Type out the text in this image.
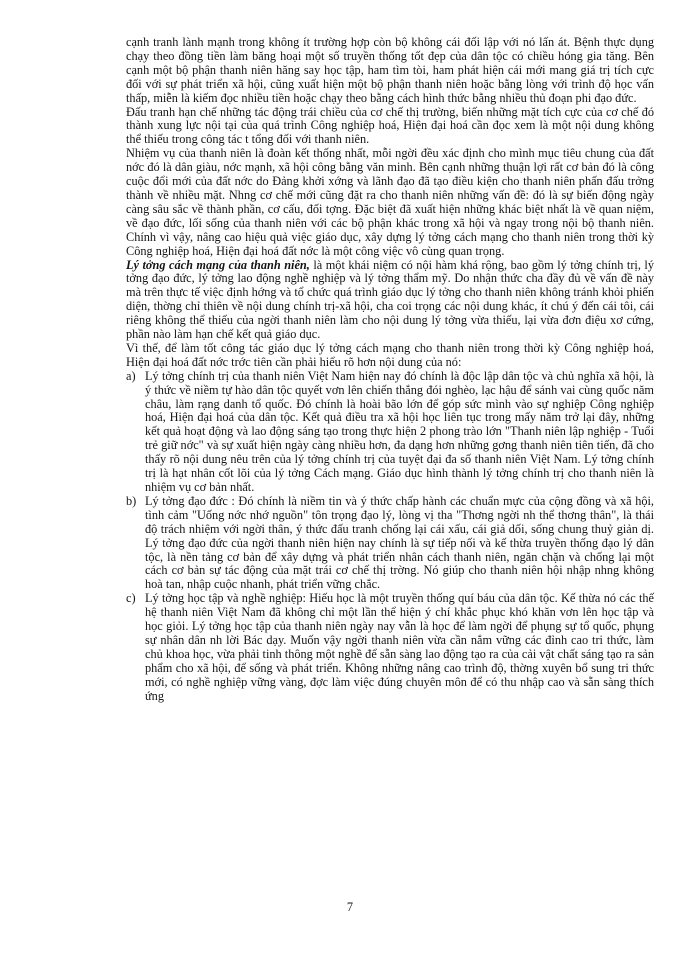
cạnh tranh lành mạnh trong không ít trường hợp còn bộ không cái đối lập với nó lấn át. Bệnh thực dụng chạy theo đồng tiền làm băng hoại một số truyền thống tốt đẹp của dân tộc có chiều hóng gia tăng. Bên cạnh một bộ phận thanh niên hăng say học tập, ham tìm tòi, ham phát hiện cái mới mang giá trị tích cực đối với sự phát triển xã hội, cũng xuất hiện một bộ phận thanh niên hoặc bằng lòng với trình độ học vấn thấp, miễn là kiếm đọc nhiều tiền hoặc chạy theo bằng cách hình thức bằng nhiều thủ đoạn phi đạo đức.

Đấu tranh hạn chế những tác động trái chiều của cơ chế thị trường, biến những mặt tích cực của cơ chế đó thành xung lực nội tại của quá trình Công nghiệp hoá, Hiện đại hoá cần đọc xem là một nội dung không thể thiếu trong công tác t tổng đối với thanh niên.

Nhiệm vụ của thanh niên là đoàn kết thống nhất, mỗi ngời đều xác định cho mình mục tiêu chung của đất nớc đó là dân giàu, nớc mạnh, xã hội công bằng văn minh. Bên cạnh những thuận lợi rất cơ bản đó là công cuộc đổi mới của đất nớc do Đảng khởi xớng và lãnh đạo đã tạo điều kiện cho thanh niên phấn đấu trởng thành về nhiều mặt. Nhng cơ chế mới cũng đặt ra cho thanh niên những vấn đề: đó là sự biến động ngày càng sâu sắc về thành phần, cơ cấu, đối tợng. Đặc biệt đã xuất hiện những khác biệt nhất là về quan niệm, về đạo đức, lối sống của thanh niên với các bộ phận khác trong xã hội và ngay trong nội bộ thanh niên. Chính vì vậy, nâng cao hiệu quả việc giáo dục, xây dựng lý tởng cách mạng cho thanh niên trong thời kỳ Công nghiệp hoá, Hiện đại hoá đất nớc là một công việc vô cùng quan trọng.

Lý tởng cách mạng của thanh niên, là một khái niệm có nội hàm khá rộng, bao gồm lý tởng chính trị, lý tởng đạo đức, lý tởng lao động nghề nghiệp và lý tởng thẩm mỹ. Do nhận thức cha đầy đủ về vấn đề này mà trên thực tế việc định hớng và tổ chức quá trình giáo dục lý tởng cho thanh niên không tránh khỏi phiến diện, thờng chỉ thiên về nội dung chính trị-xã hội, cha coi trọng các nội dung khác, ít chú ý đến cái tôi, cái riêng không thể thiếu của ngời thanh niên làm cho nội dung lý tởng vừa thiếu, lại vừa đơn điệu xơ cứng, phần nào làm hạn chế kết quả giáo dục.

Vì thế, để làm tốt công tác giáo dục lý tởng cách mạng cho thanh niên trong thời kỳ Công nghiệp hoá, Hiện đại hoá đất nớc trớc tiên cần phải hiểu rõ hơn nội dung của nó:

a) Lý tởng chính trị của thanh niên Việt Nam hiện nay đó chính là độc lập dân tộc và chủ nghĩa xã hội, là ý thức về niềm tự hào dân tộc quyết vơn lên chiến thắng đói nghèo, lạc hậu để sánh vai cùng quốc năm châu, làm rạng danh tổ quốc. Đó chính là hoài bão lớn để góp sức mình vào sự nghiệp Công nghiệp hoá, Hiện đại hoá của dân tộc. Kết quả điều tra xã hội học liên tục trong mấy năm trở lại đây, những kết quả hoạt động và lao động sáng tạo trong thực hiện 2 phong trào lớn "Thanh niên lập nghiệp - Tuổi trẻ giữ nớc" và sự xuất hiện ngày càng nhiều hơn, đa dạng hơn những gơng thanh niên tiên tiến, đã cho thấy rõ nội dung nêu trên của lý tởng chính trị của tuyệt đại đa số thanh niên Việt Nam. Lý tởng chính trị là hạt nhân cốt lõi của lý tởng Cách mạng. Giáo dục hình thành lý tởng chính trị cho thanh niên là nhiệm vụ cơ bản nhất.
b) Lý tởng đạo đức : Đó chính là niềm tin và ý thức chấp hành các chuẩn mực của cộng đồng và xã hội, tình cảm "Uống nớc nhớ nguồn" tôn trọng đạo lý, lòng vị tha "Thơng ngời nh thể thơng thân", là thái độ trách nhiệm với ngời thân, ý thức đấu tranh chống lại cái xấu, cái giả dối, sống chung thuỷ giản dị. Lý tởng đạo đức của ngời thanh niên hiện nay chính là sự tiếp nối và kế thừa truyền thống đạo lý dân tộc, là nền tảng cơ bản để xây dựng và phát triển nhân cách thanh niên, ngăn chặn và chống lại một cách cơ bản sự tác động của mặt trái cơ chế thị trờng. Nó giúp cho thanh niên hội nhập nhng không hoà tan, nhập cuộc nhanh, phát triển vững chắc.
c) Lý tởng học tập và nghề nghiệp: Hiếu học là một truyền thống quí báu của dân tộc. Kế thừa nó các thế hệ thanh niên Việt Nam đã không chỉ một lần thể hiện ý chí khắc phục khó khăn vơn lên học tập và học giỏi. Lý tởng học tập của thanh niên ngày nay vẫn là học để làm ngời để phụng sự tổ quốc, phụng sự nhân dân nh lời Bác dạy. Muốn vậy ngời thanh niên vừa cần nắm vững các đỉnh cao tri thức, làm chủ khoa học, vừa phải tinh thông một nghề để sẵn sàng lao động tạo ra của cải vật chất sáng tạo ra sản phẩm cho xã hội, để sống và phát triển. Không những nâng cao trình độ, thờng xuyên bổ sung tri thức mới, có nghề nghiệp vững vàng, đợc làm việc đúng chuyên môn để có thu nhập cao và sẵn sàng thích ứng
7
